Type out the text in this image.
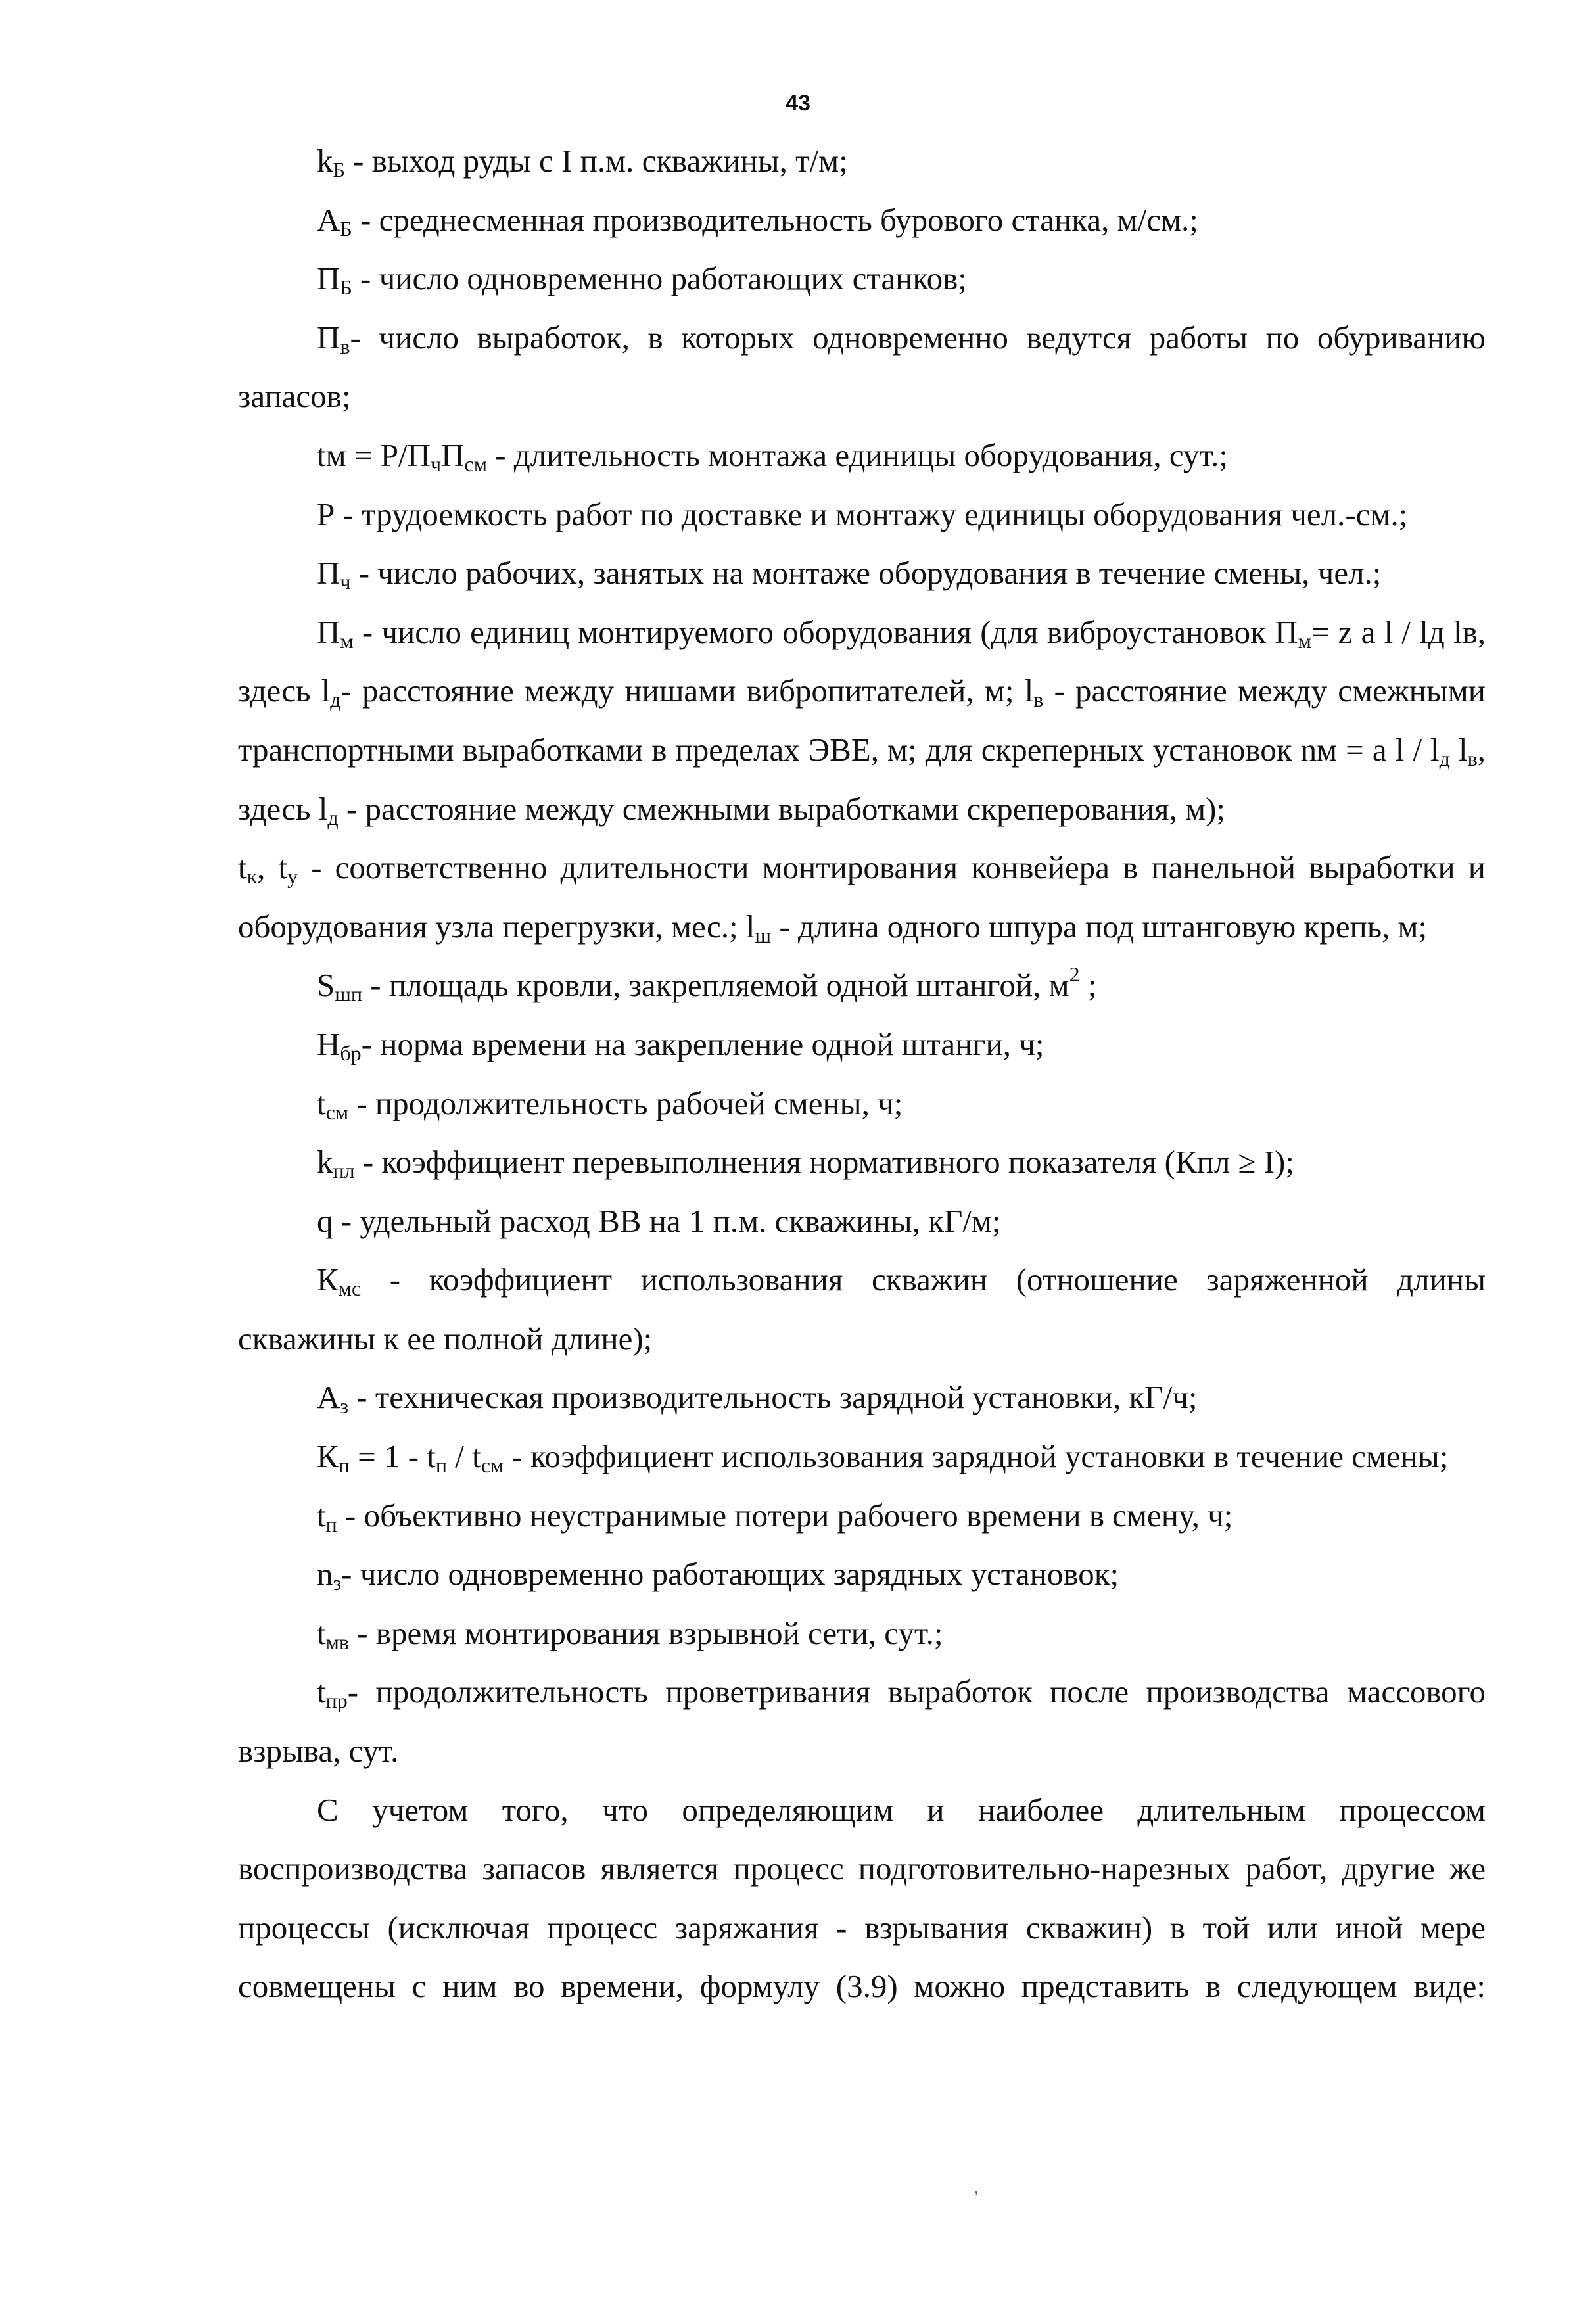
43

$k_Б$ - выход руды с I п.м. скважины, т/м;

$А_Б$ - среднесменная производительность бурового станка, м/см.;

$П_Б$ - число одновременно работающих станков;

$П_в-$ число выработок, в которых одновременно ведутся работы по обуриванию запасов;

tм = $Р/П_чП_{см}$ - длительность монтажа единицы оборудования, сут.;

Р - трудоемкость работ по доставке и монтажу единицы оборудования чел.-см.;

$П_ч$ - число рабочих, занятых на монтаже оборудования в течение смены, чел.;

$П_м$ - число единиц монтируемого оборудования (для виброустановок $П_м= z$ a l / lд lв, здесь $l_д-$ расстояние между нишами вибропитателей, м; $l_в$ - расстояние между смежными транспортными выработками в пределах ЭВЕ, м; для скреперных установок nм = a l / $l_д$ $l_в$, здесь $l_д$ - расстояние между смежными выработками скреперования, м);

$t_к$, $t_у$ - соответственно длительности монтирования конвейера в панельной выработки и оборудования узла перегрузки, мес.; $l_ш$ - длина одного шпура под штанговую крепь, м;

$S_{шп}$ - площадь кровли, закрепляемой одной штангой, $м^2$ ;

$Н_{бр}-$ норма времени на закрепление одной штанги, ч;

$t_{см}$ - продолжительность рабочей смены, ч;

$k_{пл}$ - коэффициент перевыполнения нормативного показателя (Кпл ≥ I);

q - удельный расход ВВ на 1 п.м. скважины, кГ/м;

$К_{мс}$ - коэффициент использования скважин (отношение заряженной длины скважины к ее полной длине);

$А_з$ - техническая производительность зарядной установки, кГ/ч;

$К_п = 1 - t_п / t_{см}$ - коэффициент использования зарядной установки в течение смены;

$t_п$ - объективно неустранимые потери рабочего времени в смену, ч;

$n_з-$ число одновременно работающих зарядных установок;

$t_{мв}$ - время монтирования взрывной сети, сут.;

$t_{пр}-$ продолжительность проветривания выработок после производства массового взрыва, сут.

С учетом того, что определяющим и наиболее длительным процессом воспроизводства запасов является процесс подготовительно-нарезных работ, другие же процессы (исключая процесс заряжания - взрывания скважин) в той или иной мере совмещены с ним во времени, формулу (3.9) можно представить в следующем виде:

‚
